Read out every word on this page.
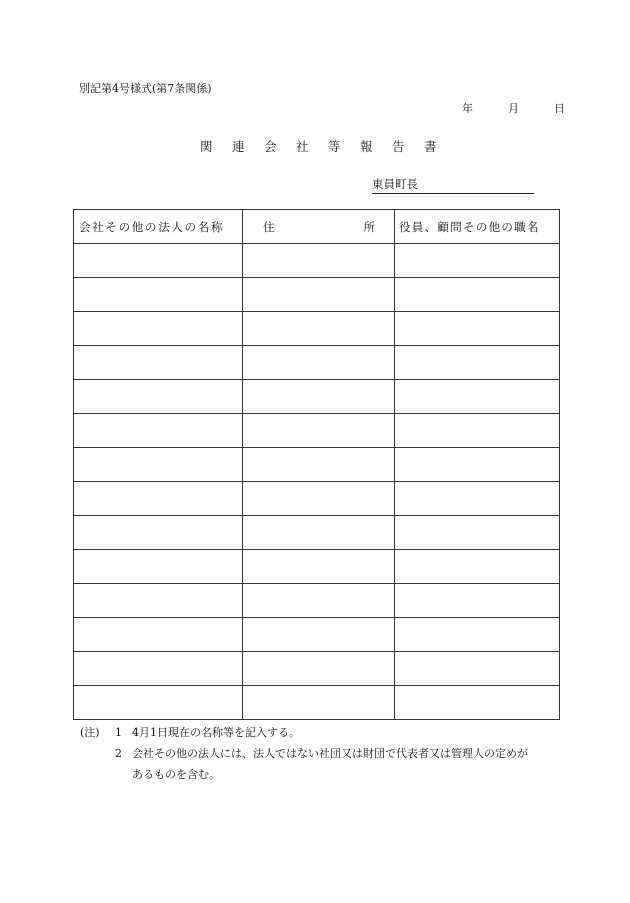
別記第4号様式(第7条関係)
年	月	日
関連会社等報告書
東員町長
会社その他の法人の名称	住 所	役員、顧問その他の職名

(注)	1 4月1日現在の名称等を記入する。
2 会社その他の法人には、法人ではない社団又は財団で代表者又は管理人の定めが
あるものを含む。
